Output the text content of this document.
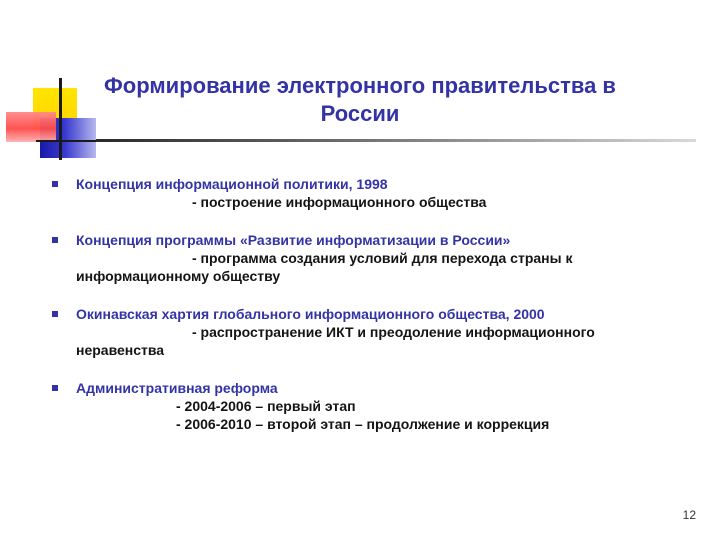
Формирование электронного правительства в России
Концепция информационной политики, 1998
- построение информационного общества
Концепция программы «Развитие информатизации в России»
- программа создания условий для перехода страны к информационному обществу
Окинавская хартия глобального информационного общества, 2000
- распространение ИКТ и преодоление информационного неравенства
Административная реформа
- 2004-2006 – первый этап
- 2006-2010 – второй этап – продолжение и коррекция
12
